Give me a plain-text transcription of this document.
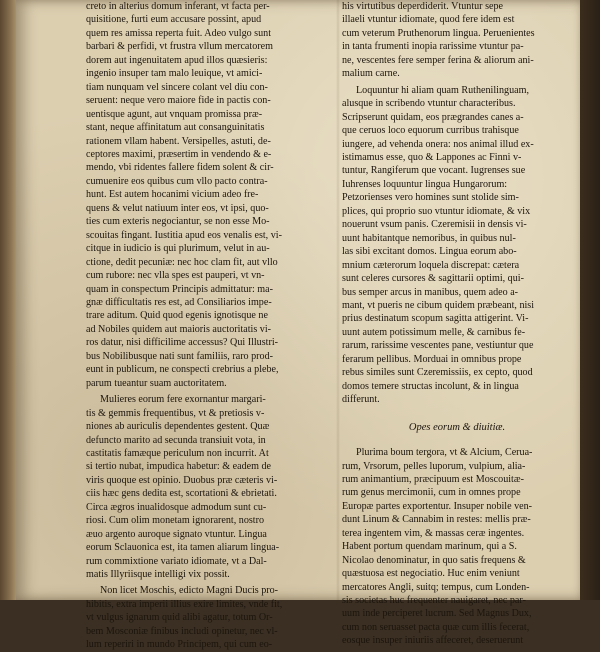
creto in alterius domum inferant, vt facta per-
quisitione, furti eum accusare possint, apud
quem res amissa reperta fuit. Adeo vulgo sunt
barbari & perfidi, vt frustra vllum mercatorem
dorem aut ingenuitatem apud illos quæsieris:
ingenio insuper tam malo leuique, vt amici-
tiam nunquam vel sincere colant vel diu con-
seruent: neque vero maiore fide in pactis con-
uentisque agunt, aut vnquam promissa præ-
stant, neque affinitatum aut consanguinitatis
rationem vllam habent. Versipelles, astuti, de-
ceptores maximi, præsertim in vendendo & e-
mendo, vbi ridentes fallere fidem solent & cir-
cumuenire eos quibus cum vllo pacto contra-
hunt. Est autem hocanimi vicium adeo fre-
quens & velut natiuum inter eos, vt ipsi, quo-
ties cum exteris negociantur, se non esse Mo-
scouitas fingant. Iustitia apud eos venalis est, vi-
citque in iudicio is qui plurimum, velut in au-
ctione, dedit pecuniæ: nec hoc clam fit, aut vllo
cum rubore: nec vlla spes est pauperi, vt vn-
quam in conspectum Principis admittatur: ma-
gnæ difficultatis res est, ad Consiliarios impe-
trare aditum. Quid quod egenis ignotisque ne
ad Nobiles quidem aut maioris auctoritatis vi-
ros datur, nisi difficilime accessus? Qui Illustri-
bus Nobilibusque nati sunt familiis, raro prod-
eunt in publicum, ne conspecti crebrius a plebe,
parum tueantur suam auctoritatem.
Mulieres eorum fere exornantur margari-
tis & gemmis frequentibus, vt & pretiosis v-
niones ab auriculis dependentes gestent. Quæ
defuncto marito ad secunda transiuit vota, in
castitatis famæque periculum non incurrit. At
si tertio nubat, impudica habetur: & eadem de
viris quoque est opinio. Duobus præ cæteris vi-
ciis hæc gens dedita est, scortationi & ebrietati.
Circa ægros inualidosque admodum sunt cu-
riosi. Cum olim monetam ignorarent, nostro
æuo argento auroque signato vtuntur. Lingua
eorum Sclauonica est, ita tamen aliarum lingua-
rum commixtione variato idiomate, vt a Dal-
matis Illyriisque intelligi vix possit.
Non licet Moschis, edicto Magni Ducis pro-
hibitis, extra imperii illius exire limites, vnde fit,
vt vulgus ignarum quid alibi agatur, totum Or-
bem Mosconiæ finibus includi opinetur, nec vl-
lum reperiri in mundo Principem, qui cum eo-
his virtutibus deperdiderit. Vtuntur sepe
illaeli vtuntur idiomate, quod fere idem est
cum veterum Pruthenorum lingua. Peruenientes
in tanta frumenti inopia rarissime vtuntur pa-
ne, vescentes fere semper ferina & aliorum ani-
malium carne.
Loquuntur hi aliam quam Ruthenilinguam,
alusque in scribendo vtuntur characteribus.
Scripserunt quidam, eos prægrandes canes a-
que ceruos loco equorum curribus trahisque
iungere, ad vehenda onera: nos animal illud ex-
istimamus esse, quo & Lappones ac Finni v-
tuntur, Rangiferum que vocant. Iugrenses sue
Iuhrenses loquuntur lingua Hungarorum:
Petzorienses vero homines sunt stolide sim-
plices, qui proprio suo vtuntur idiomate, & vix
nouerunt vsum panis. Czeremisii in densis vi-
uunt habitantque nemoribus, in quibus nul-
las sibi excitant domos. Lingua eorum abo-
mnium cæterorum loquela discrepat: cætera
sunt celeres cursores & sagittarii optimi, qui-
bus semper arcus in manibus, quem adeo a-
mant, vt pueris ne cibum quidem præbeant, nisi
prius destinatum scopum sagitta attigerint. Vi-
uunt autem potissimum melle, & carnibus fe-
rarum, rarissime vescentes pane, vestiuntur que
ferarum pellibus. Morduai in omnibus prope
rebus similes sunt Czeremissiis, ex cepto, quod
domos temere structas incolunt, & in lingua
differunt.
Opes eorum & diuitiæ.
Plurima boum tergora, vt & Alcium, Cerua-
rum, Vrsorum, pelles luporum, vulpium, alia-
rum animantium, præcipuum est Moscouitæ-
rum genus mercimonii, cum in omnes prope
Europæ partes exportentur. Insuper nobile ven-
dunt Linum & Cannabim in restes: mellis præ-
terea ingentem vim, & massas ceræ ingentes.
Habent portum quendam marinum, qui a S.
Nicolao denominatur, in quo satis frequens &
quæstuosa est negociatio. Huc enim veniunt
mercatores Angli, suitq; tempus, cum Londen-
sis societas huc frequenter nauigaret, nec par-
uum inde perciperet lucrum. Sed Magnus Dux,
cum non seruasset pacta quæ cum illis fecerat,
eosque insuper iniuriis affeceret, deseruerunt
